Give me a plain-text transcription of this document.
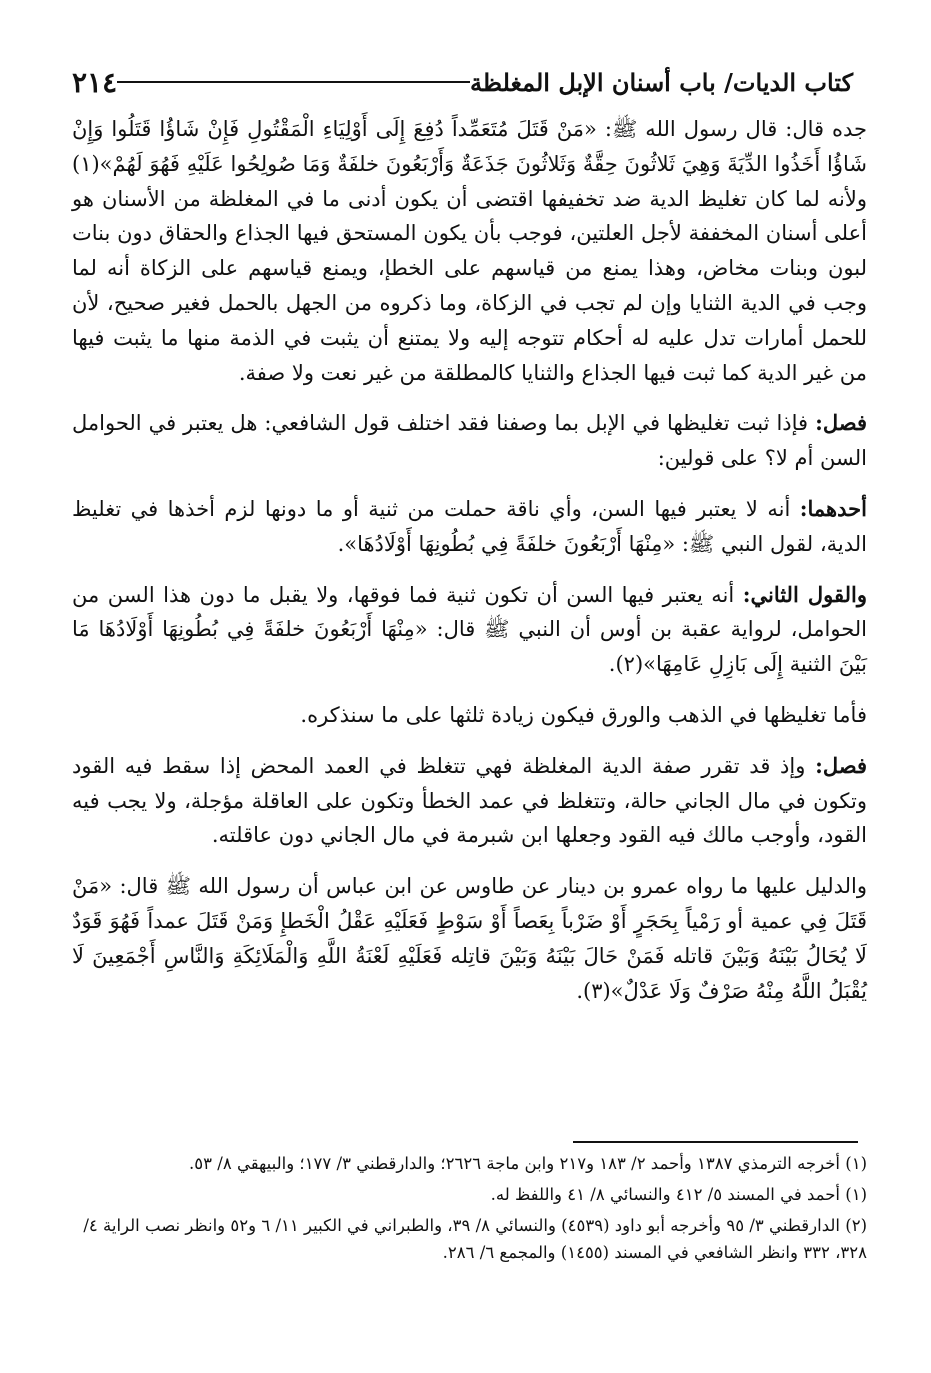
كتاب الديات/ باب أسنان الإبل المغلظة
٢١٤

جده قال: قال رسول الله ﷺ: «مَنْ قَتَلَ مُتَعَمِّداً دُفِعَ إِلَى أَوْلِيَاءِ الْمَقْتُولِ فَإِنْ شَاؤُا قَتَلُوا وَإِنْ شَاؤُا أَخَذُوا الدِّيَةَ وَهِيَ ثَلاثُونَ حِقَّةٌ وَثَلاثُونَ جَذَعَةٌ وَأَرْبَعُونَ خلفَةٌ وَمَا صُولِحُوا عَلَيْهِ فَهُوَ لَهُمْ»(١) ولأنه لما كان تغليظ الدية ضد تخفيفها اقتضى أن يكون أدنى ما في المغلظة من الأسنان هو أعلى أسنان المخففة لأجل العلتين، فوجب بأن يكون المستحق فيها الجذاع والحقاق دون بنات لبون وبنات مخاض، وهذا يمنع من قياسهم على الخطإ، ويمنع قياسهم على الزكاة أنه لما وجب في الدية الثنايا وإن لم تجب في الزكاة، وما ذكروه من الجهل بالحمل فغير صحيح، لأن للحمل أمارات تدل عليه له أحكام تتوجه إليه ولا يمتنع أن يثبت في الذمة منها ما يثبت فيها من غير الدية كما ثبت فيها الجذاع والثنايا كالمطلقة من غير نعت ولا صفة.

فصل: فإذا ثبت تغليظها في الإبل بما وصفنا فقد اختلف قول الشافعي: هل يعتبر في الحوامل السن أم لا؟ على قولين:

أحدهما: أنه لا يعتبر فيها السن، وأي ناقة حملت من ثنية أو ما دونها لزم أخذها في تغليظ الدية، لقول النبي ﷺ: «مِنْهَا أَرْبَعُونَ خلفَةً فِي بُطُونِهَا أَوْلَادُهَا».

والقول الثاني: أنه يعتبر فيها السن أن تكون ثنية فما فوقها، ولا يقبل ما دون هذا السن من الحوامل، لرواية عقبة بن أوس أن النبي ﷺ قال: «مِنْهَا أَرْبَعُونَ خلفَةً فِي بُطُونِهَا أَوْلَادُهَا مَا بَيْنَ الثنية إِلَى بَازِلِ عَامِهَا»(٢).

فأما تغليظها في الذهب والورق فيكون زيادة ثلثها على ما سنذكره.

فصل: وإذ قد تقرر صفة الدية المغلظة فهي تتغلظ في العمد المحض إذا سقط فيه القود وتكون في مال الجاني حالة، وتتغلظ في عمد الخطأ وتكون على العاقلة مؤجلة، ولا يجب فيه القود، وأوجب مالك فيه القود وجعلها ابن شبرمة في مال الجاني دون عاقلته.

والدليل عليها ما رواه عمرو بن دينار عن طاوس عن ابن عباس أن رسول الله ﷺ قال: «مَنْ قَتَلَ فِي عمية أو رَمْياً بِحَجَرٍ أَوْ ضَرْباً بِعَصاً أَوْ سَوْطٍ فَعَلَيْهِ عَقْلُ الْخَطإِ وَمَنْ قَتَلَ عمداً فَهُوَ قَوَدٌ لَا يُحَالُ بَيْنَهُ وَبَيْنَ قاتله فَمَنْ حَالَ بَيْنَهُ وَبَيْنَ قاتِله فَعَلَيْهِ لَعْنَةُ اللَّهِ وَالْمَلَائِكَةِ وَالنَّاسِ أَجْمَعِينَ لَا يُقْبَلُ اللَّهُ مِنْهُ صَرْفٌ وَلَا عَدْلٌ»(٣).

(١) أخرجه الترمذي ١٣٨٧ وأحمد ٢/ ١٨٣ و٢١٧ وابن ماجة ٢٦٢٦؛ والدارقطني ٣/ ١٧٧؛ والبيهقي ٨/ ٥٣.

(١) أحمد في المسند ٥/ ٤١٢ والنسائي ٨/ ٤١ واللفظ له.

(٢) الدارقطني ٣/ ٩٥ وأخرجه أبو داود (٤٥٣٩) والنسائي ٨/ ٣٩، والطبراني في الكبير ١١/ ٦ و٥٢ وانظر نصب الراية ٤/ ٣٢٨، ٣٣٢ وانظر الشافعي في المسند (١٤٥٥) والمجمع ٦/ ٢٨٦.
